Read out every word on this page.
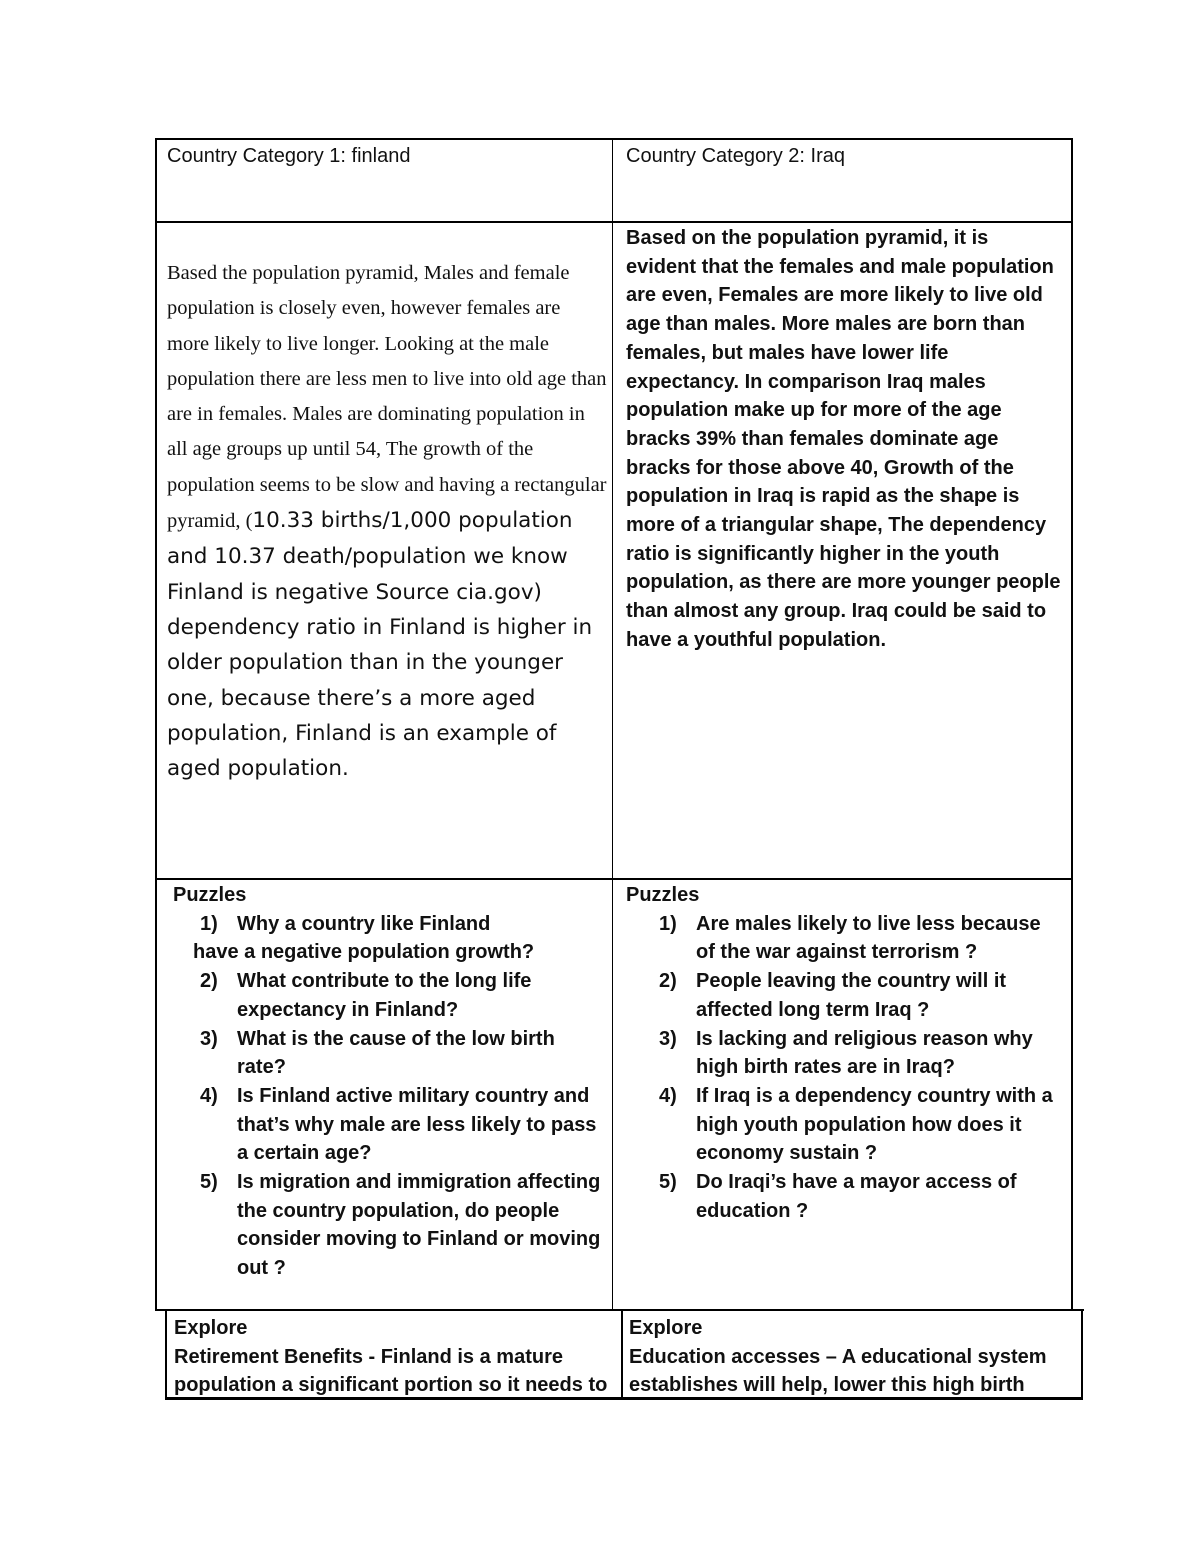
Country Category 1: finland	Country Category 2: Iraq
Based the population pyramid, Males and female population is closely even, however females are more likely to live longer. Looking at the male population there are less men to live into old age than are in females. Males are dominating population in all age groups up until 54, The growth of the population seems to be slow and having a rectangular pyramid, (10.33 births/1,000 population and 10.37 death/population we know Finland is negative Source cia.gov) dependency ratio in Finland is higher in older population than in the younger one, because there’s a more aged population, Finland is an example of aged population.
Based on the population pyramid, it is evident that the females and male population are even, Females are more likely to live old age than males. More males are born than females, but males have lower life expectancy. In comparison Iraq males population make up for more of the age bracks 39% than females dominate age bracks for those above 40, Growth of the population in Iraq is rapid as the shape is more of a triangular shape, The dependency ratio is significantly higher in the youth population, as there are more younger people than almost any group. Iraq could be said to have a youthful population.
Puzzles
1) Why a country like Finland
have a negative population growth?
2) What contribute to the long life expectancy in Finland?
3) What is the cause of the low birth rate?
4) Is Finland active military country and that’s why male are less likely to pass a certain age?
5) Is migration and immigration affecting the country population, do people consider moving to Finland or moving out ?
Puzzles
1) Are males likely to live less because of the war against terrorism ?
2) People leaving the country will it affected long term Iraq ?
3) Is lacking and religious reason why high birth rates are in Iraq?
4) If Iraq is a dependency country with a high youth population how does it economy sustain ?
5) Do Iraqi’s have a mayor access of education ?
Explore
Retirement Benefits - Finland is a mature
population a significant portion so it needs to
Explore
Education accesses – A educational system
establishes will help, lower this high birth
